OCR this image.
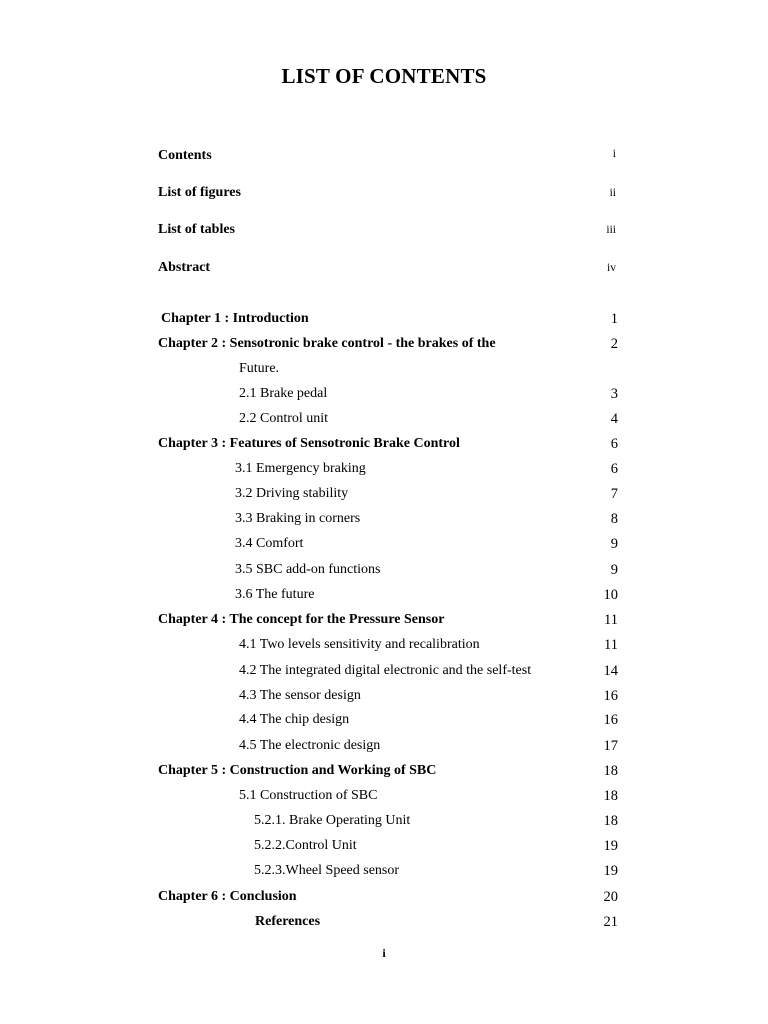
LIST OF CONTENTS
Contents	i
List of figures	ii
List of tables	iii
Abstract	iv
Chapter 1 : Introduction	1
Chapter 2 : Sensotronic brake control - the brakes of the	2
Future.
2.1 Brake pedal	3
2.2 Control unit	4
Chapter 3 : Features of Sensotronic Brake Control	6
3.1 Emergency braking	6
3.2 Driving stability	7
3.3 Braking in corners	8
3.4 Comfort	9
3.5 SBC add-on functions	9
3.6 The future	10
Chapter 4 : The concept for the Pressure Sensor	11
4.1 Two levels sensitivity and recalibration	11
4.2 The integrated digital electronic and the self-test	14
4.3 The sensor design	16
4.4 The chip design	16
4.5 The electronic design	17
Chapter 5 : Construction and Working of SBC	18
5.1 Construction of SBC	18
5.2.1. Brake Operating Unit	18
5.2.2.Control Unit	19
5.2.3.Wheel Speed sensor	19
Chapter 6 : Conclusion	20
References	21
i
